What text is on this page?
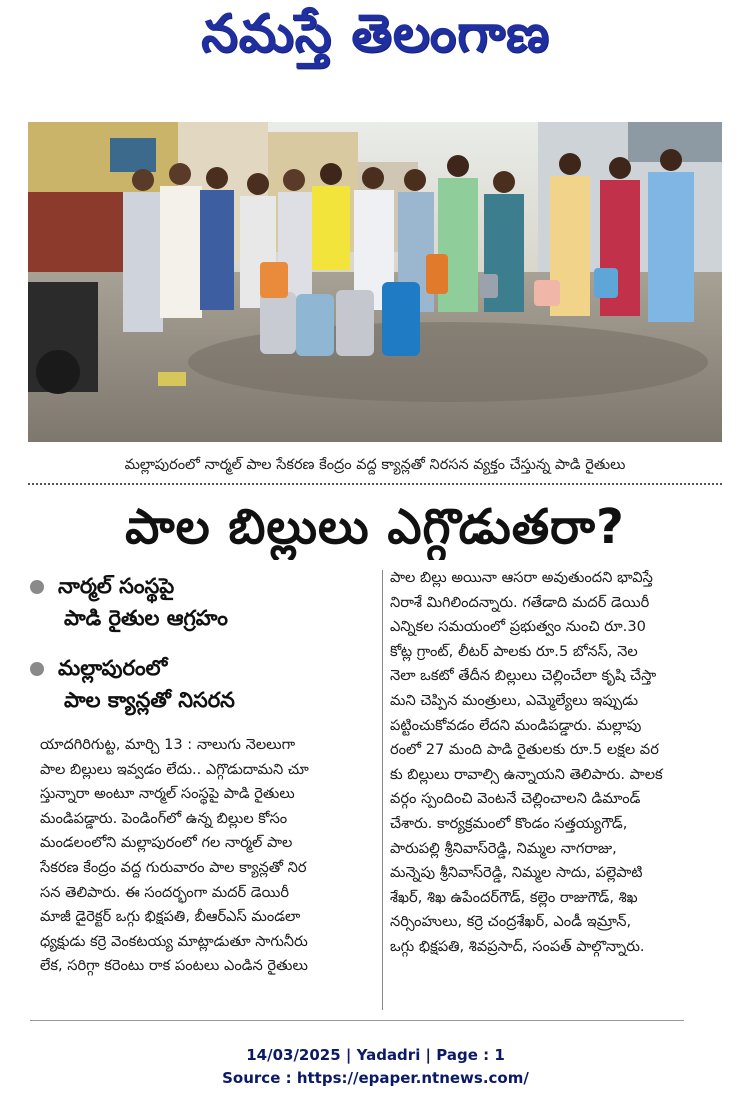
నమస్తే తెలంగాణ
మల్లాపురంలో నార్మల్ పాల సేకరణ కేంద్రం వద్ద క్యాన్లతో నిరసన వ్యక్తం చేస్తున్న పాడి రైతులు
పాల బిల్లులు ఎగ్గొడుతరా?
నార్మల్ సంస్థపై
పాడి రైతుల ఆగ్రహం
మల్లాపురంలో
పాల క్యాన్లతో నిసరన
యాదగిరిగుట్ట, మార్చి 13 : నాలుగు నెలలుగా
పాల బిల్లులు ఇవ్వడం లేదు.. ఎగ్గొడుదామని చూ
స్తున్నారా అంటూ నార్మల్ సంస్థపై పాడి రైతులు
మండిపడ్డారు. పెండింగ్‌లో ఉన్న బిల్లుల కోసం
మండలంలోని మల్లాపురంలో గల నార్మల్ పాల
సేకరణ కేంద్రం వద్ద గురువారం పాల క్యాన్లతో నిర
సన తెలిపారు. ఈ సందర్భంగా మదర్ డెయిరీ
మాజీ డైరెక్టర్ ఒగ్గు భిక్షపతి, బీఆర్‌ఎస్ మండలా
ధ్యక్షుడు కర్రె వెంకటయ్య మాట్లాడుతూ సాగునీరు
లేక, సరిగ్గా కరెంటు రాక పంటలు ఎండిన రైతులు
పాల బిల్లు అయినా ఆసరా అవుతుందని భావిస్తే
నిరాశే మిగిలిందన్నారు. గతేడాది మదర్ డెయిరీ
ఎన్నికల సమయంలో ప్రభుత్వం నుంచి రూ.30
కోట్ల గ్రాంట్, లీటర్ పాలకు రూ.5 బోనస్, నెల
నెలా ఒకటో తేదీన బిల్లులు చెల్లించేలా కృషి చేస్తా
మని చెప్పిన మంత్రులు, ఎమ్మెల్యేలు ఇప్పుడు
పట్టించుకోవడం లేదని మండిపడ్డారు. మల్లాపు
రంలో 27 మంది పాడి రైతులకు రూ.5 లక్షల వర
కు బిల్లులు రావాల్సి ఉన్నాయని తెలిపారు. పాలక
వర్గం స్పందించి వెంటనే చెల్లించాలని డిమాండ్
చేశారు. కార్యక్రమంలో కొండం సత్తయ్యగౌడ్,
పారుపల్లి శ్రీనివాస్‌రెడ్డి, నిమ్మల నాగరాజు,
మన్నెపు శ్రీనివాస్‌రెడ్డి, నిమ్మల సాదు, పల్లెపాటి
శేఖర్, శిఖ ఉపేందర్‌గౌడ్, కల్లెం రాజుగౌడ్, శిఖ
నర్సింహులు, కర్రె చంద్రశేఖర్, ఎండీ ఇమ్రాన్,
ఒగ్గు భిక్షపతి, శివప్రసాద్, సంపత్ పాల్గొన్నారు.
14/03/2025 | Yadadri | Page : 1
Source : https://epaper.ntnews.com/
